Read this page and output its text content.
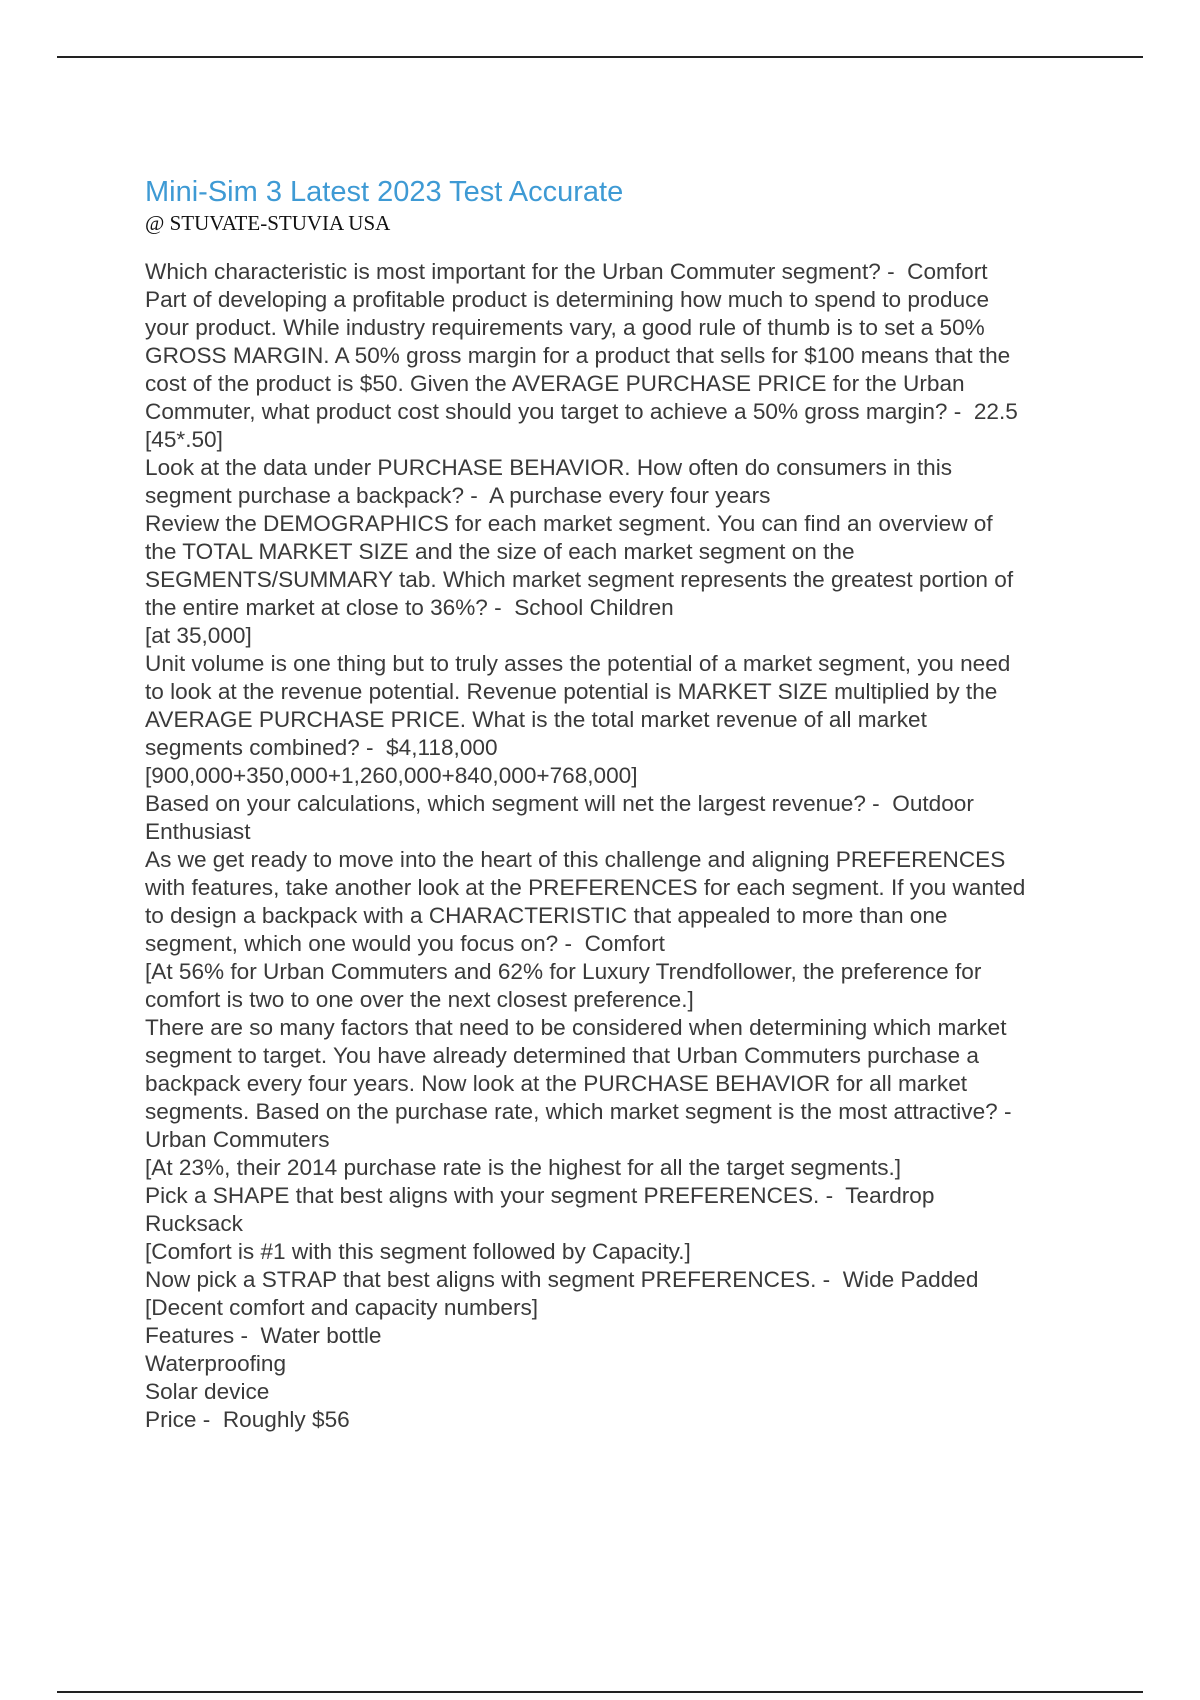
Mini-Sim 3 Latest 2023 Test Accurate
@ STUVATE-STUVIA USA
Which characteristic is most important for the Urban Commuter segment? -  Comfort
Part of developing a profitable product is determining how much to spend to produce
your product. While industry requirements vary, a good rule of thumb is to set a 50%
GROSS MARGIN. A 50% gross margin for a product that sells for $100 means that the
cost of the product is $50. Given the AVERAGE PURCHASE PRICE for the Urban
Commuter, what product cost should you target to achieve a 50% gross margin? -  22.5
[45*.50]
Look at the data under PURCHASE BEHAVIOR. How often do consumers in this
segment purchase a backpack? -  A purchase every four years
Review the DEMOGRAPHICS for each market segment. You can find an overview of
the TOTAL MARKET SIZE and the size of each market segment on the
SEGMENTS/SUMMARY tab. Which market segment represents the greatest portion of
the entire market at close to 36%? -  School Children
[at 35,000]
Unit volume is one thing but to truly asses the potential of a market segment, you need
to look at the revenue potential. Revenue potential is MARKET SIZE multiplied by the
AVERAGE PURCHASE PRICE. What is the total market revenue of all market
segments combined? -  $4,118,000
[900,000+350,000+1,260,000+840,000+768,000]
Based on your calculations, which segment will net the largest revenue? -  Outdoor
Enthusiast
As we get ready to move into the heart of this challenge and aligning PREFERENCES
with features, take another look at the PREFERENCES for each segment. If you wanted
to design a backpack with a CHARACTERISTIC that appealed to more than one
segment, which one would you focus on? -  Comfort
[At 56% for Urban Commuters and 62% for Luxury Trendfollower, the preference for
comfort is two to one over the next closest preference.]
There are so many factors that need to be considered when determining which market
segment to target. You have already determined that Urban Commuters purchase a
backpack every four years. Now look at the PURCHASE BEHAVIOR for all market
segments. Based on the purchase rate, which market segment is the most attractive? -
Urban Commuters
[At 23%, their 2014 purchase rate is the highest for all the target segments.]
Pick a SHAPE that best aligns with your segment PREFERENCES. -  Teardrop
Rucksack
[Comfort is #1 with this segment followed by Capacity.]
Now pick a STRAP that best aligns with segment PREFERENCES. -  Wide Padded
[Decent comfort and capacity numbers]
Features -  Water bottle
Waterproofing
Solar device
Price -  Roughly $56
